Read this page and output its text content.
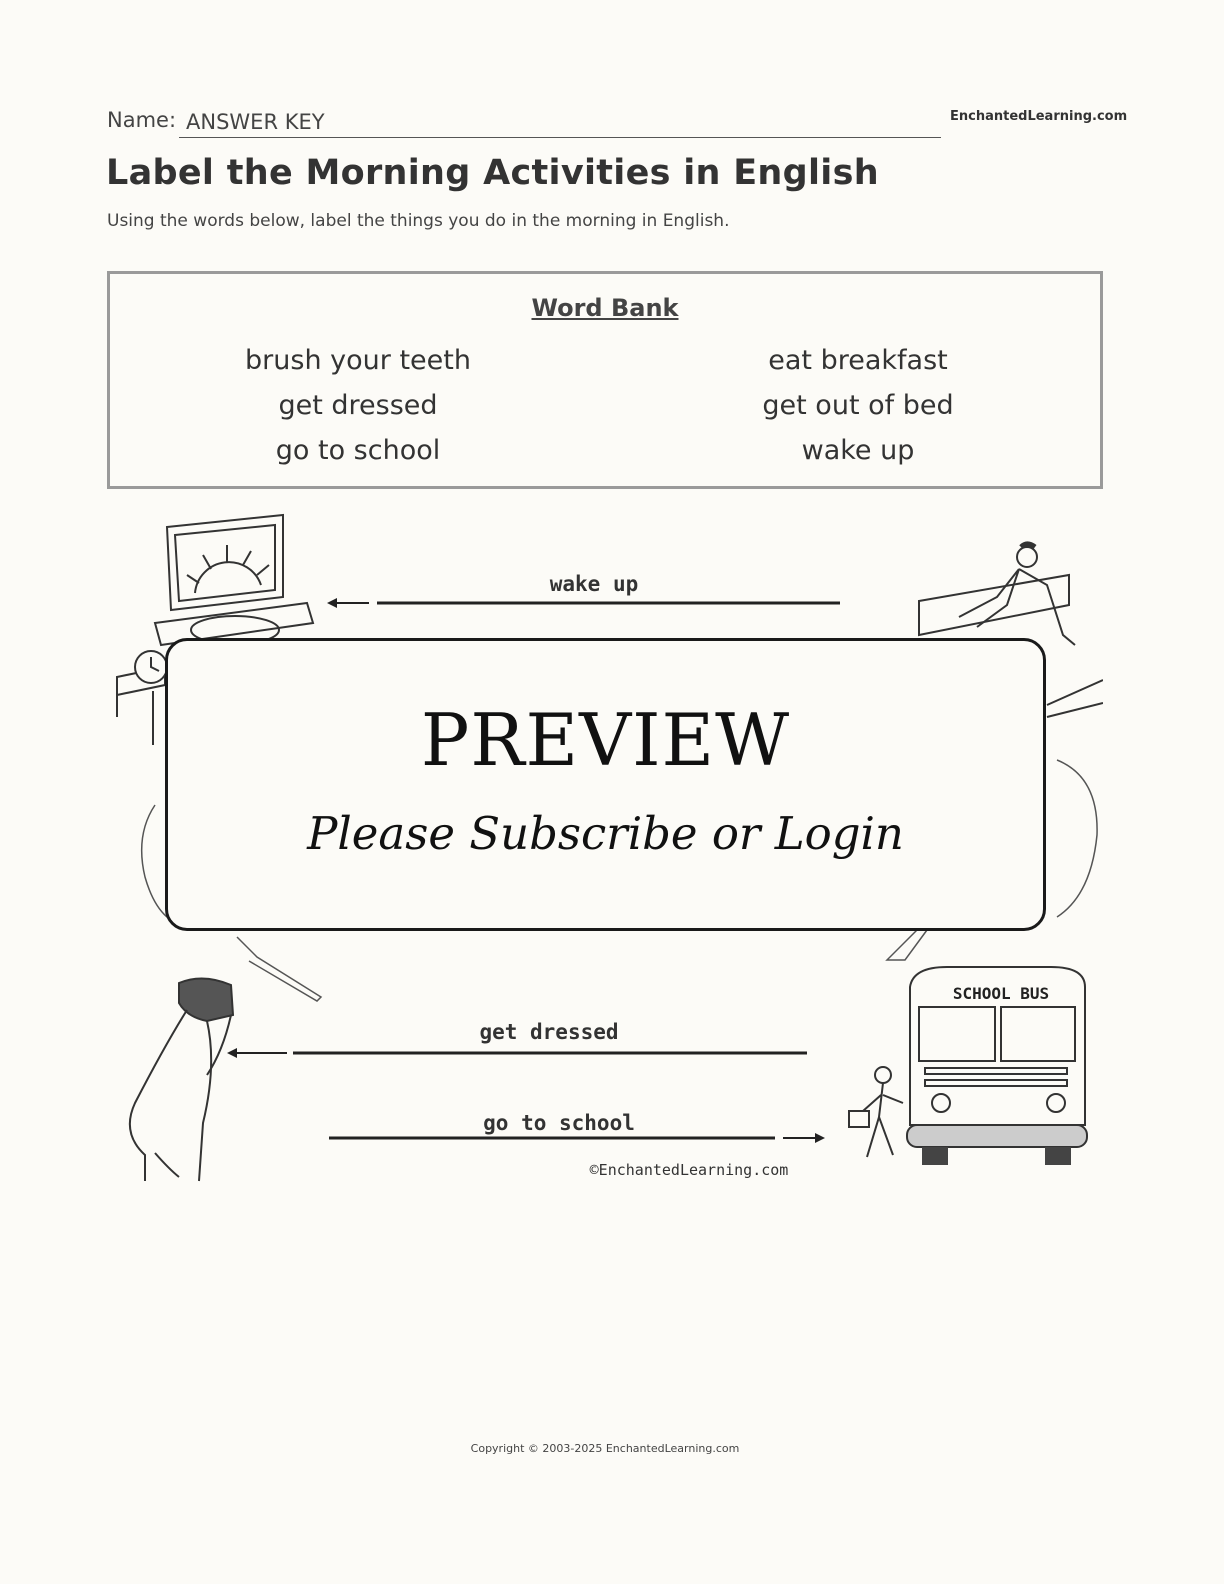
Name: ANSWER KEY	EnchantedLearning.com
Label the Morning Activities in English
Using the words below, label the things you do in the morning in English.
Word Bank
brush your teeth
get dressed
go to school
eat breakfast
get out of bed
wake up
SCHOOL BUS
wake up
get dressed
go to school
©EnchantedLearning.com
PREVIEW
Please Subscribe or Login
Copyright © 2003-2025 EnchantedLearning.com
